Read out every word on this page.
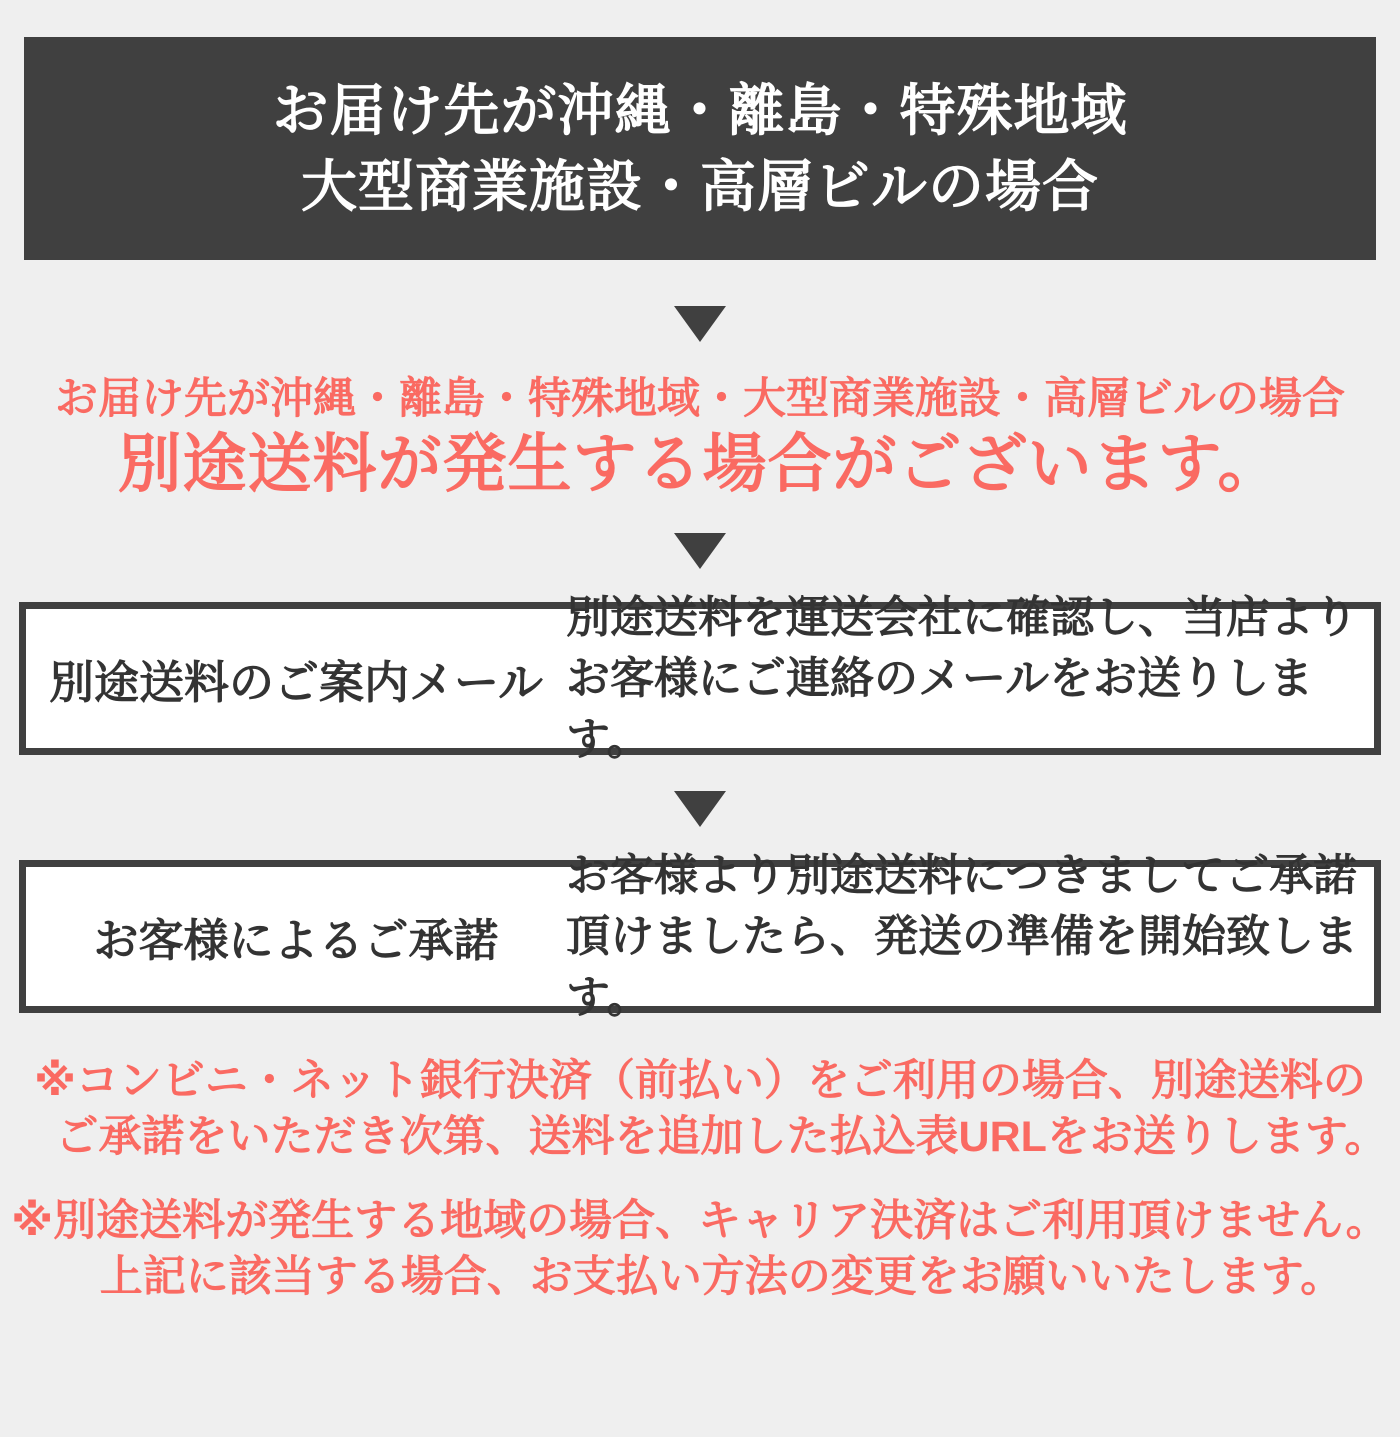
お届け先が沖縄・離島・特殊地域
大型商業施設・高層ビルの場合
お届け先が沖縄・離島・特殊地域・大型商業施設・高層ビルの場合
別途送料が発生する場合がございます。
別途送料のご案内メール
別途送料を運送会社に確認し、当店より
お客様にご連絡のメールをお送りします。
お客様によるご承諾
お客様より別途送料につきましてご承諾
頂けましたら、発送の準備を開始致します。
※コンビニ・ネット銀行決済（前払い）をご利用の場合、別途送料の
　ご承諾をいただき次第、送料を追加した払込表URLをお送りします。
※別途送料が発生する地域の場合、キャリア決済はご利用頂けません。
　上記に該当する場合、お支払い方法の変更をお願いいたします。
